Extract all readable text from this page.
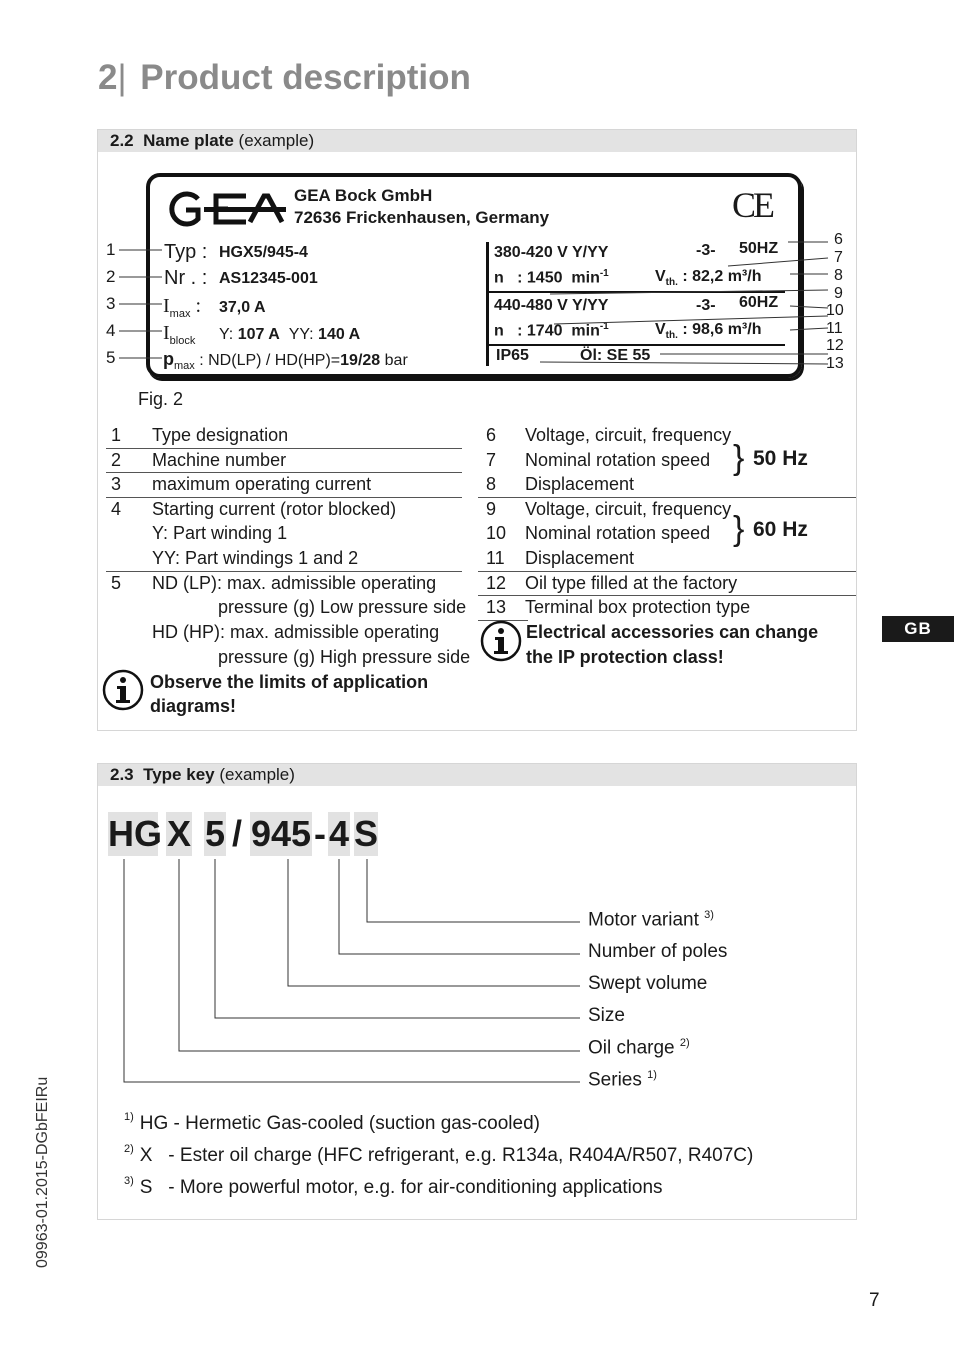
2| Product description
2.2 Name plate (example)
GEA Bock GmbH
72636 Frickenhausen, Germany	CE
Typ : HGX5/945-4
Nr . : AS12345-001
$I_{max}$ : 37,0 A
$I_{block}$ Y: 107 A YY: 140 A
$p_{max}$ : ND(LP) / HD(HP)=19/28 bar
380-420 V Y/YY	-3- 50HZ
n : 1450 $\min^{-1}$	$V_{th.}$ : 82,2 m³/h
440-480 V Y/YY	-3- 60HZ
n : 1740 $\min^{-1}$	$V_{th.}$ : 98,6 m³/h
IP65	Öl: SE 55
1
2
3
4
5
6
7
8
9
10
11
12
13
Fig. 2
1 Type designation
2 Machine number
3 maximum operating current
4 Starting current (rotor blocked)
Y: Part winding 1
YY: Part windings 1 and 2
5 ND (LP): max. admissible operating
pressure (g) Low pressure side
HD (HP): max. admissible operating
pressure (g) High pressure side
Observe the limits of application
diagrams!
6 Voltage, circuit, frequency
7 Nominal rotation speed
8 Displacement
} 50 Hz
9 Voltage, circuit, frequency
10 Nominal rotation speed
11 Displacement
} 60 Hz
12 Oil type filled at the factory
13 Terminal box protection type
Electrical accessories can change
the IP protection class!
GB
2.3 Type key (example)
HG X 5 / 945 - 4 S
Motor variant $^{3)}$
Number of poles
Swept volume
Size
Oil charge $^{2)}$
Series $^{1)}$
$^{1)}$ HG - Hermetic Gas-cooled (suction gas-cooled)
$^{2)}$ X   - Ester oil charge (HFC refrigerant, e.g. R134a, R404A/R507, R407C)
$^{3)}$ S   - More powerful motor, e.g. for air-conditioning applications
09963-01.2015-DGbFEIRu
7
